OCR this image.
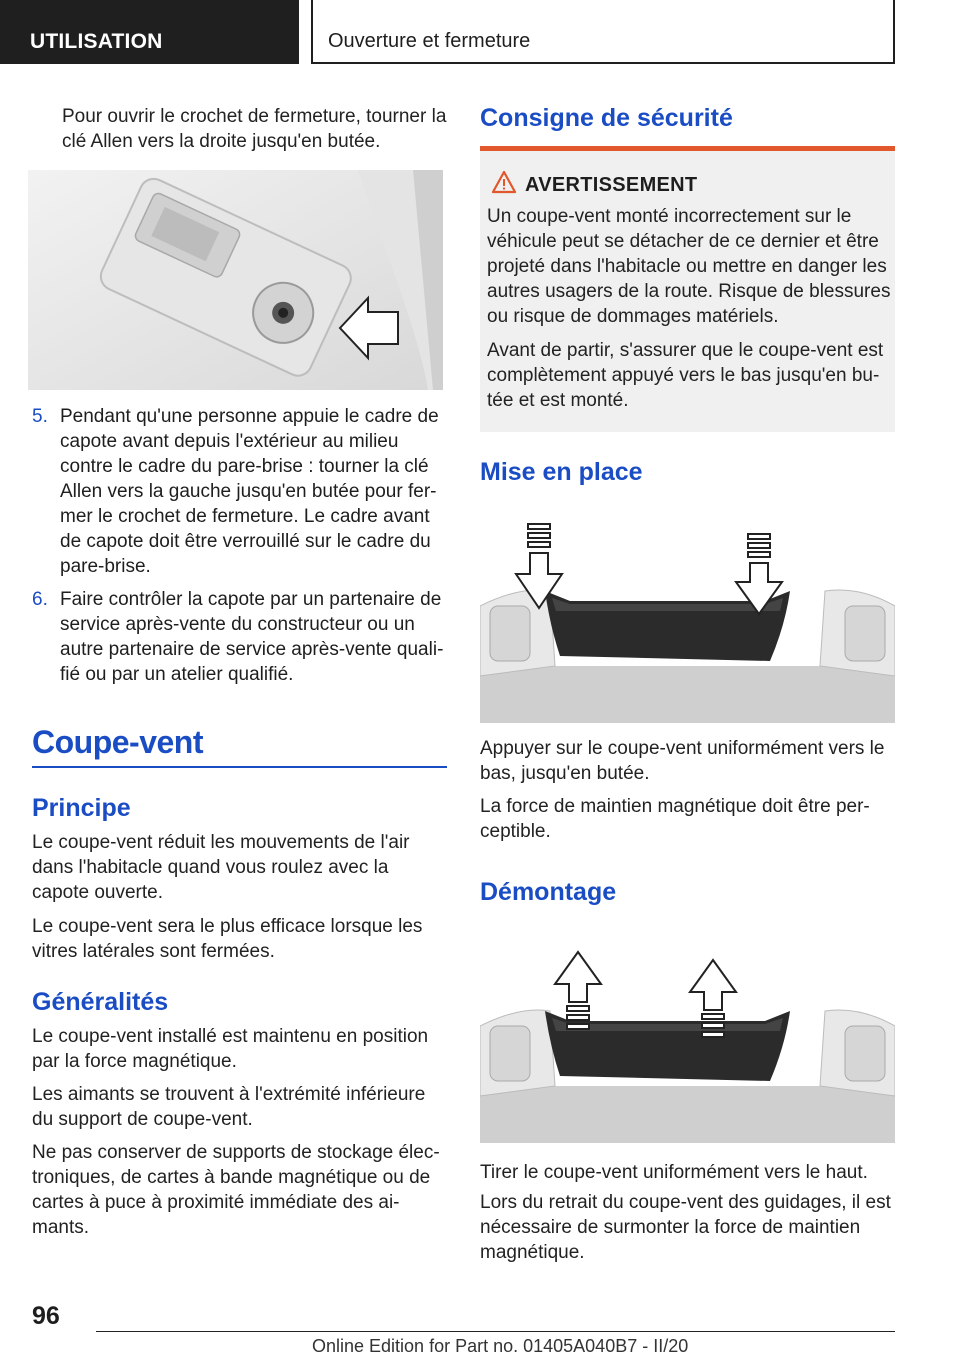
UTILISATION	Ouverture et fermeture

Pour ouvrir le crochet de fermeture, tourner la clé Allen vers la droite jusqu'en butée.

5. Pendant qu'une personne appuie le cadre de capote avant depuis l'extérieur au milieu contre le cadre du pare-brise : tourner la clé Allen vers la gauche jusqu'en butée pour fermer le crochet de fermeture. Le cadre avant de capote doit être verrouillé sur le cadre du pare-brise.
6. Faire contrôler la capote par un partenaire de service après-vente du constructeur ou un autre partenaire de service après-vente qualifié ou par un atelier qualifié.
Coupe-vent
Principe

Le coupe-vent réduit les mouvements de l'air dans l'habitacle quand vous roulez avec la capote ouverte.

Le coupe-vent sera le plus efficace lorsque les vitres latérales sont fermées.

Généralités

Le coupe-vent installé est maintenu en position par la force magnétique.

Les aimants se trouvent à l'extrémité inférieure du support de coupe-vent.

Ne pas conserver de supports de stockage électroniques, de cartes à bande magnétique ou de cartes à puce à proximité immédiate des aimants.

Consigne de sécurité
AVERTISSEMENT

Un coupe-vent monté incorrectement sur le véhicule peut se détacher de ce dernier et être projeté dans l'habitacle ou mettre en danger les autres usagers de la route. Risque de blessures ou risque de dommages matériels.

Avant de partir, s'assurer que le coupe-vent est complètement appuyé vers le bas jusqu'en butée et est monté.

Mise en place

Appuyer sur le coupe-vent uniformément vers le bas, jusqu'en butée.

La force de maintien magnétique doit être perceptible.

Démontage

Tirer le coupe-vent uniformément vers le haut.

Lors du retrait du coupe-vent des guidages, il est nécessaire de surmonter la force de maintien magnétique.

96
Online Edition for Part no. 01405A040B7 - II/20
